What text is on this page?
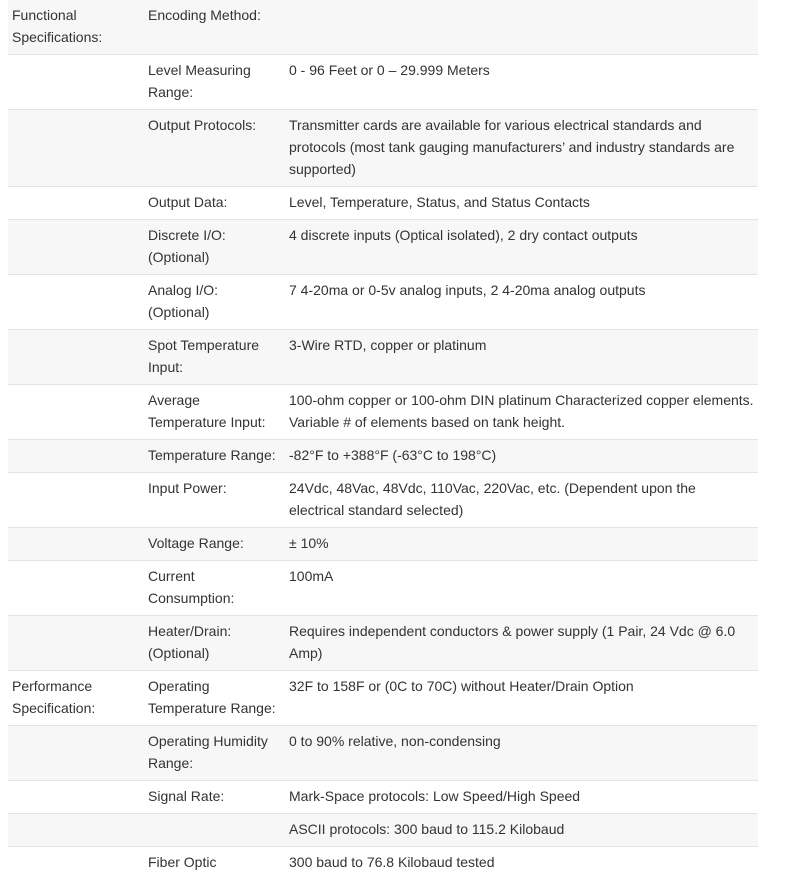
Functional Specifications:	Encoding Method:	
	Level Measuring Range:	0 - 96 Feet or 0 – 29.999 Meters
	Output Protocols:	Transmitter cards are available for various electrical standards and protocols (most tank gauging manufacturers’ and industry standards are supported)
	Output Data:	Level, Temperature, Status, and Status Contacts
	Discrete I/O: (Optional)	4 discrete inputs (Optical isolated), 2 dry contact outputs
	Analog I/O: (Optional)	7 4-20ma or 0-5v analog inputs, 2 4-20ma analog outputs
	Spot Temperature Input:	3-Wire RTD, copper or platinum
	Average Temperature Input:	100-ohm copper or 100-ohm DIN platinum Characterized copper elements. Variable # of elements based on tank height.
	Temperature Range:	-82°F to +388°F (-63°C to 198°C)
	Input Power:	24Vdc, 48Vac, 48Vdc, 110Vac, 220Vac, etc. (Dependent upon the electrical standard selected)
	Voltage Range:	± 10%
	Current Consumption:	100mA
	Heater/Drain: (Optional)	Requires independent conductors & power supply (1 Pair, 24 Vdc @ 6.0 Amp)
Performance Specification:	Operating Temperature Range:	32F to 158F or (0C to 70C) without Heater/Drain Option
	Operating Humidity Range:	0 to 90% relative, non-condensing
	Signal Rate:	Mark-Space protocols: Low Speed/High Speed
		ASCII protocols: 300 baud to 115.2 Kilobaud
	Fiber Optic	300 baud to 76.8 Kilobaud tested
